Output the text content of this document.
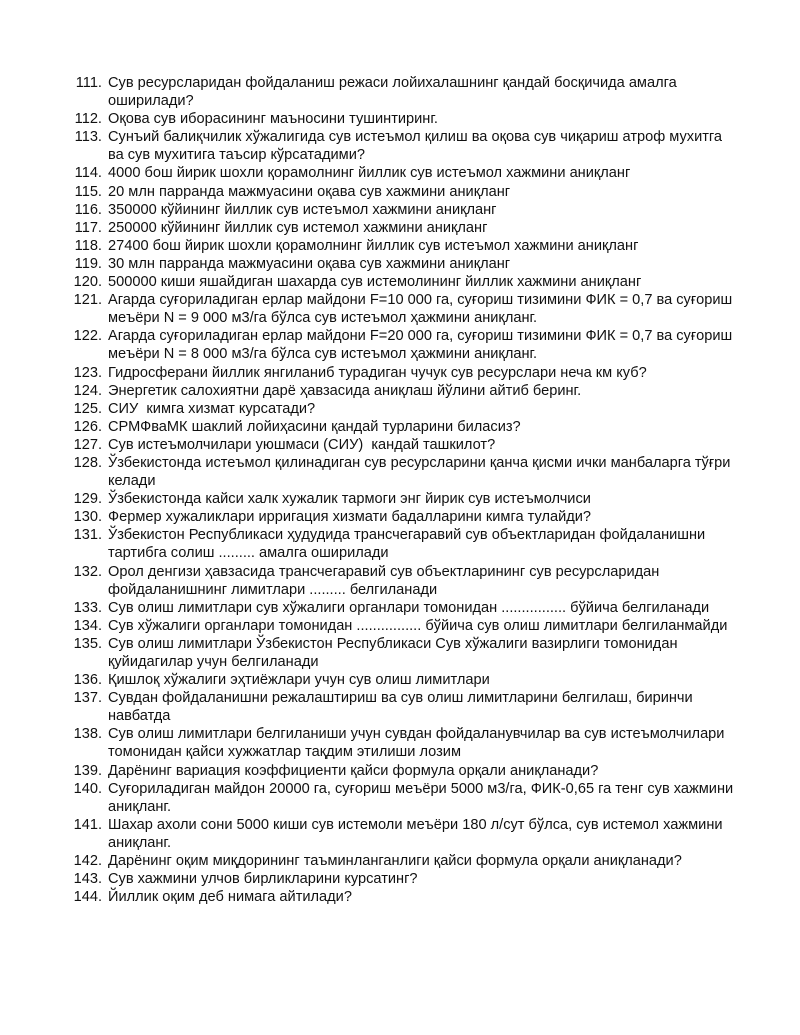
111. Сув ресурсларидан фойдаланиш режаси лойихалашнинг қандай босқичида амалга оширилади?
112. Оқова сув иборасининг маъносини тушинтиринг.
113. Сунъий балиқчилик хўжалигида сув истеъмол қилиш ва оқова сув чиқариш атроф мухитга ва сув мухитига таъсир кўрсатадими?
114. 4000 бош йирик шохли қорамолнинг йиллик сув истеъмол хажмини аниқланг
115. 20 млн парранда мажмуасини оқава сув хажмини аниқланг
116. 350000 кўйининг йиллик сув истеъмол хажмини аниқланг
117. 250000 кўйининг йиллик сув истемол хажмини аниқланг
118. 27400 бош йирик шохли қорамолнинг йиллик сув истеъмол хажмини аниқланг
119. 30 млн парранда мажмуасини оқава сув хажмини аниқланг
120. 500000 киши яшайдиган шахарда сув истемолининг йиллик хажмини аниқланг
121. Агарда суғориладиган ерлар майдони F=10 000 га, суғориш тизимини ФИК = 0,7 ва суғориш меъёри N = 9 000 м3/га бўлса сув истеъмол ҳажмини аниқланг.
122. Агарда суғориладиган ерлар майдони F=20 000 га, суғориш тизимини ФИК = 0,7 ва суғориш меъёри N = 8 000 м3/га бўлса сув истеъмол ҳажмини аниқланг.
123. Гидросферани йиллик янгиланиб турадиган чучук сув ресурслари неча км куб?
124. Энергетик салохиятни дарё ҳавзасида аниқлаш йўлини айтиб беринг.
125. СИУ  кимга хизмат курсатади?
126. СРМФваМК шаклий лойиҳасини қандай турларини биласиз?
127. Сув истеъмолчилари уюшмаси (СИУ)  кандай ташкилот?
128. Ўзбекистонда истеъмол қилинадиган сув ресурсларини қанча қисми ички манбаларга тўғри келади
129. Ўзбекистонда кайси халк хужалик тармоги энг йирик сув истеъмолчиси
130. Фермер хужаликлари ирригация хизмати бадалларини кимга тулайди?
131. Ўзбекистон Республикаси ҳудудида трансчегаравий сув объектларидан фойдаланишни тартибга солиш ......... амалга оширилади
132. Орол денгизи ҳавзасида трансчегаравий сув объектларининг сув ресурсларидан фойдаланишнинг лимитлари ......... белгиланади
133. Сув олиш лимитлари сув хўжалиги органлари томонидан ................ бўйича белгиланади
134. Сув хўжалиги органлари томонидан ................ бўйича сув олиш лимитлари белгиланмайди
135. Сув олиш лимитлари Ўзбекистон Республикаси Сув хўжалиги вазирлиги томонидан қуйидагилар учун белгиланади
136. Қишлоқ хўжалиги эҳтиёжлари учун сув олиш лимитлари
137. Сувдан фойдаланишни режалаштириш ва сув олиш лимитларини белгилаш, биринчи навбатда
138. Сув олиш лимитлари белгиланиши учун сувдан фойдаланувчилар ва сув истеъмолчилари томонидан қайси хужжатлар тақдим этилиши лозим
139. Дарёнинг вариация коэффициенти қайси формула орқали аниқланади?
140. Суғориладиган майдон 20000 га, суғориш меъёри 5000 м3/га, ФИК-0,65 га тенг сув хажмини аниқланг.
141. Шахар ахоли сони 5000 киши сув истемоли меъёри 180 л/сут бўлса, сув истемол хажмини аниқланг.
142. Дарёнинг оқим миқдорининг таъминланганлиги қайси формула орқали аниқланади?
143. Сув хажмини улчов бирликларини курсатинг?
144. Йиллик оқим деб нимага айтилади?
